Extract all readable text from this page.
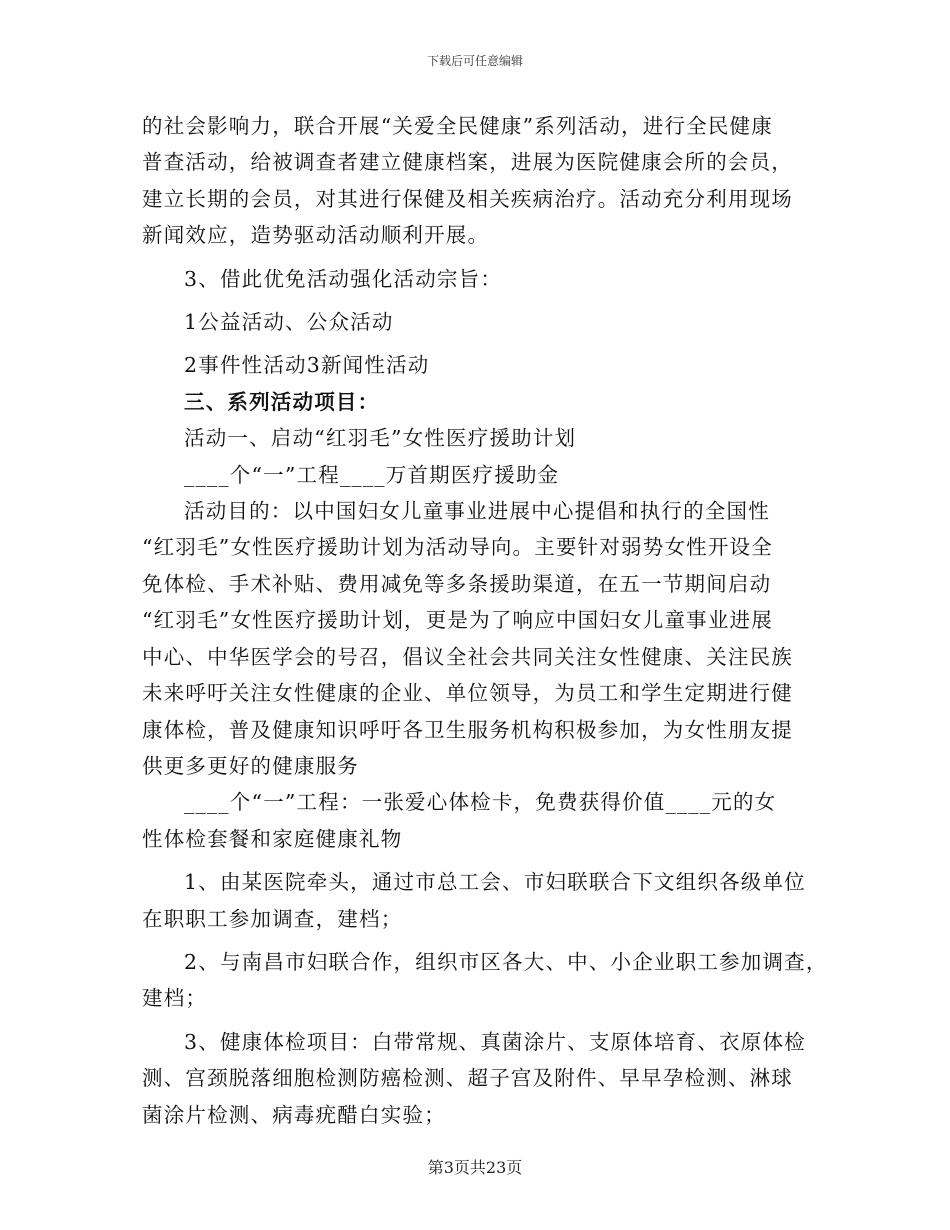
下载后可任意编辑

的社会影响力，联合开展“关爱全民健康”系列活动，进行全民健康

普查活动，给被调查者建立健康档案，进展为医院健康会所的会员，

建立长期的会员，对其进行保健及相关疾病治疗。活动充分利用现场

新闻效应，造势驱动活动顺利开展。

3、借此优免活动强化活动宗旨：

1公益活动、公众活动

2事件性活动3新闻性活动

三、系列活动项目：

活动一、启动“红羽毛”女性医疗援助计划

____个“一”工程____万首期医疗援助金

活动目的：以中国妇女儿童事业进展中心提倡和执行的全国性

“红羽毛”女性医疗援助计划为活动导向。主要针对弱势女性开设全

免体检、手术补贴、费用减免等多条援助渠道，在五一节期间启动

“红羽毛”女性医疗援助计划，更是为了响应中国妇女儿童事业进展

中心、中华医学会的号召，倡议全社会共同关注女性健康、关注民族

未来呼吁关注女性健康的企业、单位领导，为员工和学生定期进行健

康体检，普及健康知识呼吁各卫生服务机构积极参加，为女性朋友提

供更多更好的健康服务

____个“一”工程：一张爱心体检卡，免费获得价值____元的女

性体检套餐和家庭健康礼物

1、由某医院牵头，通过市总工会、市妇联联合下文组织各级单位

在职职工参加调查，建档；

2、与南昌市妇联合作，组织市区各大、中、小企业职工参加调查，

建档；

3、健康体检项目：白带常规、真菌涂片、支原体培育、衣原体检

测、宫颈脱落细胞检测防癌检测、超子宫及附件、早早孕检测、淋球

菌涂片检测、病毒疣醋白实验；

第3页共23页
